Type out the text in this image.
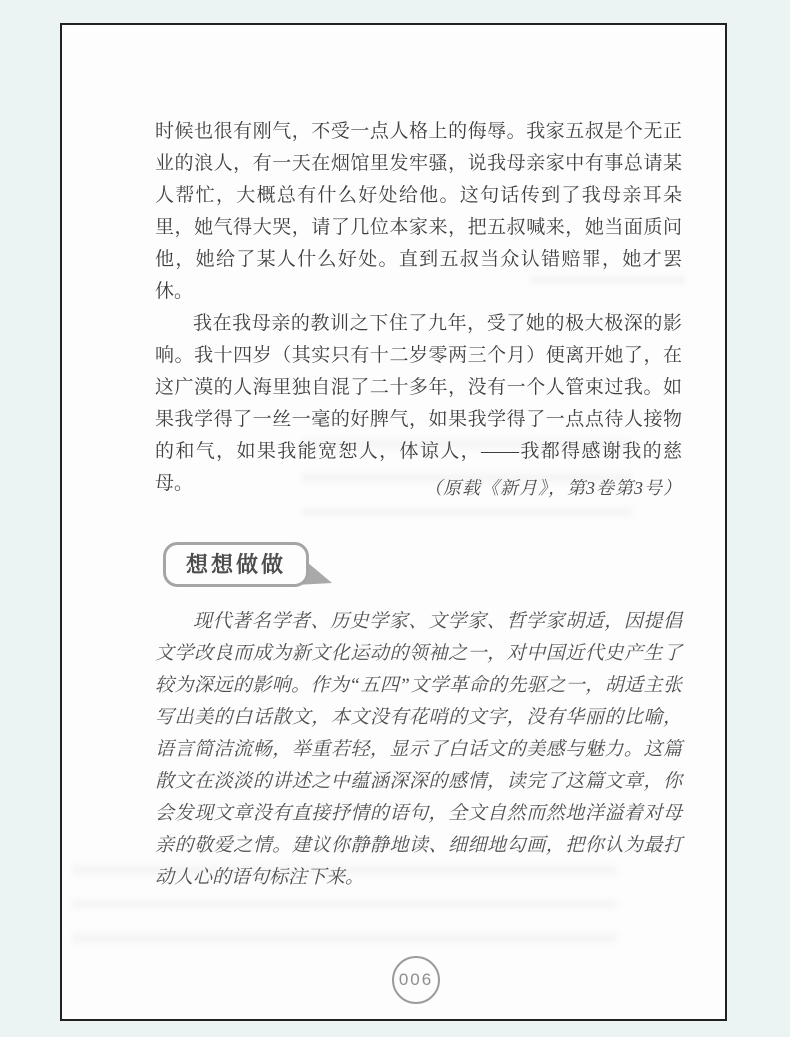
时候也很有刚气，不受一点人格上的侮辱。我家五叔是个无正业的浪人，有一天在烟馆里发牢骚，说我母亲家中有事总请某人帮忙，大概总有什么好处给他。这句话传到了我母亲耳朵里，她气得大哭，请了几位本家来，把五叔喊来，她当面质问他，她给了某人什么好处。直到五叔当众认错赔罪，她才罢休。

我在我母亲的教训之下住了九年，受了她的极大极深的影响。我十四岁（其实只有十二岁零两三个月）便离开她了，在这广漠的人海里独自混了二十多年，没有一个人管束过我。如果我学得了一丝一毫的好脾气，如果我学得了一点点待人接物的和气，如果我能宽恕人，体谅人，——我都得感谢我的慈母。	（原载《新月》，第3卷第3号）
想想做做
现代著名学者、历史学家、文学家、哲学家胡适，因提倡文学改良而成为新文化运动的领袖之一，对中国近代史产生了较为深远的影响。作为“五四”文学革命的先驱之一，胡适主张写出美的白话散文，本文没有花哨的文字，没有华丽的比喻，语言简洁流畅，举重若轻，显示了白话文的美感与魅力。这篇散文在淡淡的讲述之中蕴涵深深的感情，读完了这篇文章，你会发现文章没有直接抒情的语句，全文自然而然地洋溢着对母亲的敬爱之情。建议你静静地读、细细地勾画，把你认为最打动人心的语句标注下来。
006
